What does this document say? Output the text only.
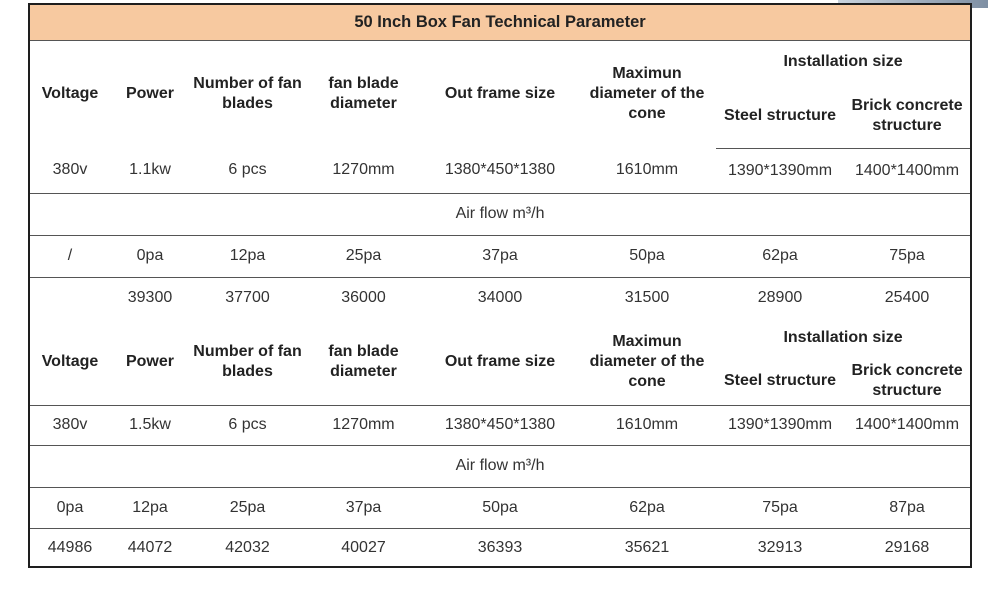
50 Inch Box Fan Technical Parameter							
Voltage	Power	Number of fan blades	fan blade diameter	Out frame size	Maximun diameter of the cone	Installation size	
						Steel structure	Brick concrete structure
380v	1.1kw	6 pcs	1270mm	1380*450*1380	1610mm	1390*1390mm	1400*1400mm
Air flow m³/h							
/	0pa	12pa	25pa	37pa	50pa	62pa	75pa
	39300	37700	36000	34000	31500	28900	25400
Voltage	Power	Number of fan blades	fan blade diameter	Out frame size	Maximun diameter of the cone	Installation size	
						Steel structure	Brick concrete structure
380v	1.5kw	6 pcs	1270mm	1380*450*1380	1610mm	1390*1390mm	1400*1400mm
Air flow m³/h							
0pa	12pa	25pa	37pa	50pa	62pa	75pa	87pa
44986	44072	42032	40027	36393	35621	32913	29168
